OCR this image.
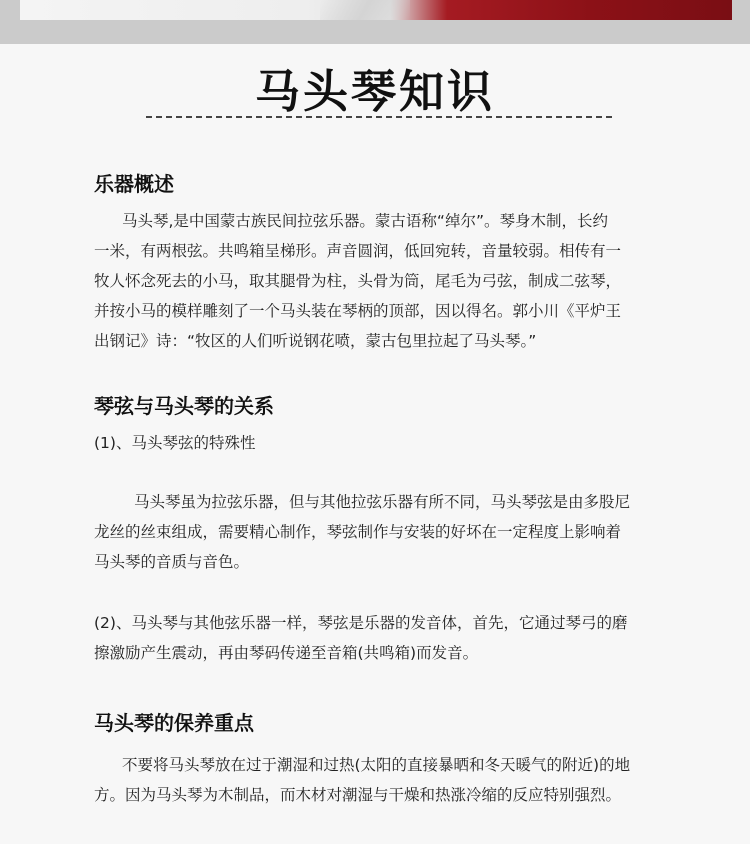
马头琴知识
乐器概述
马头琴,是中国蒙古族民间拉弦乐器。蒙古语称“绰尔”。琴身木制，长约
一米，有两根弦。共鸣箱呈梯形。声音圆润，低回宛转，音量较弱。相传有一
牧人怀念死去的小马，取其腿骨为柱，头骨为筒，尾毛为弓弦，制成二弦琴，
并按小马的模样雕刻了一个马头装在琴柄的顶部，因以得名。郭小川《平炉王
出钢记》诗：“牧区的人们听说钢花喷，蒙古包里拉起了马头琴。”
琴弦与马头琴的关系
(1)、马头琴弦的特殊性
马头琴虽为拉弦乐器，但与其他拉弦乐器有所不同，马头琴弦是由多股尼
龙丝的丝束组成，需要精心制作，琴弦制作与安装的好坏在一定程度上影响着
马头琴的音质与音色。
(2)、马头琴与其他弦乐器一样，琴弦是乐器的发音体，首先，它通过琴弓的磨
擦激励产生震动，再由琴码传递至音箱(共鸣箱)而发音。
马头琴的保养重点
不要将马头琴放在过于潮湿和过热(太阳的直接暴晒和冬天暖气的附近)的地
方。因为马头琴为木制品，而木材对潮湿与干燥和热涨冷缩的反应特别强烈。
